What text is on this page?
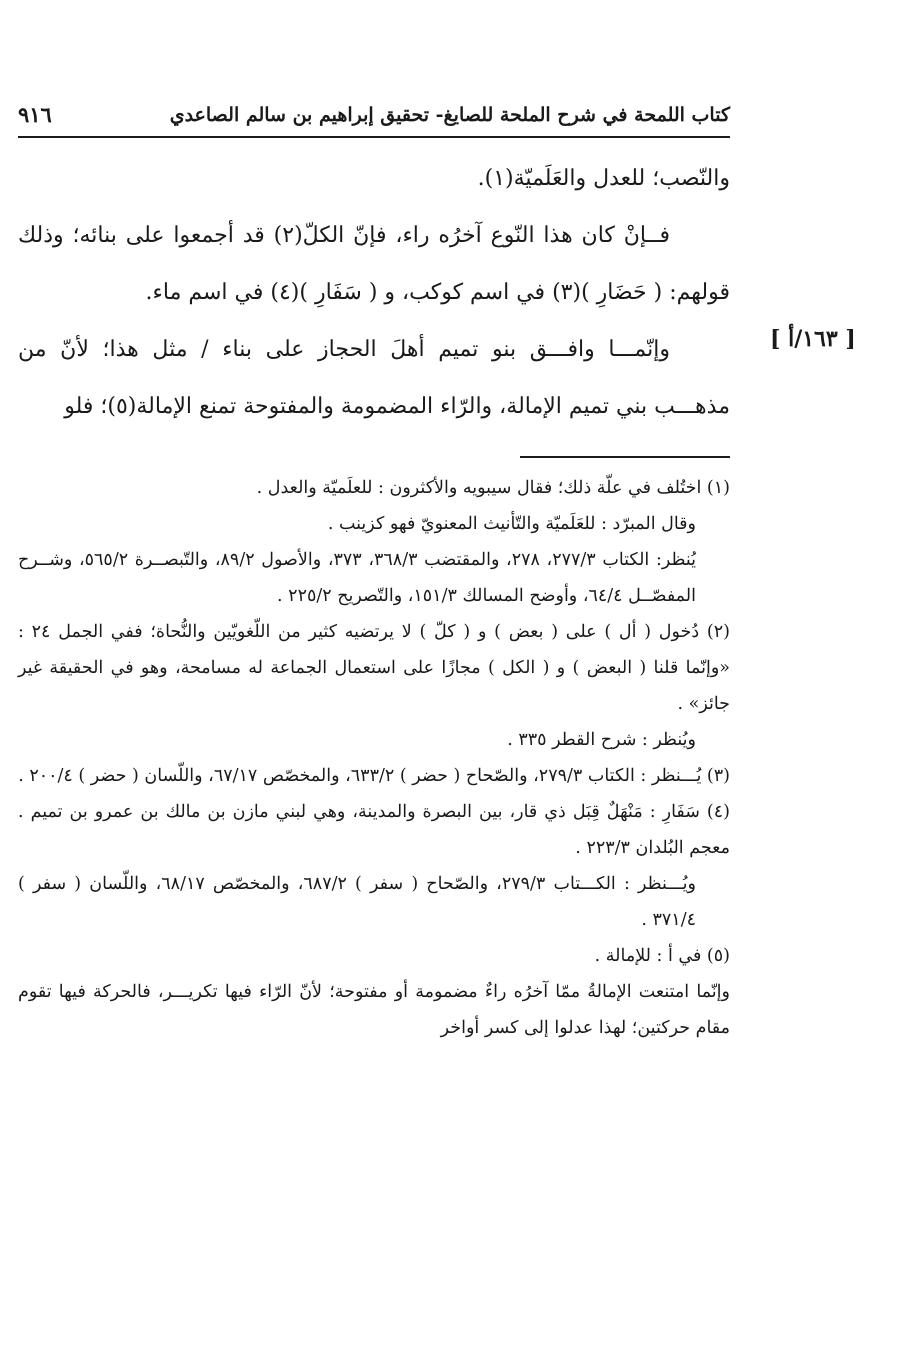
كتاب اللمحة في شرح الملحة للصايغ- تحقيق إبراهيم بن سالم الصاعدي
٩١٦
[ ١٦٣/أ ]

والنّصب؛ للعدل والعَلَميّة(١).

فــإنْ كان هذا النّوع آخرُه راء، فإنّ الكلّ(٢) قد أجمعوا على بنائه؛ وذلك قولهم: ( حَضَارِ )(٣) في اسم كوكب، و ( سَفَارِ )(٤) في اسم ماء.

وإنّمـــا وافـــق بنو تميم أهلَ الحجاز على بناء / مثل هذا؛ لأنّ من مذهـــب بني تميم الإمالة، والرّاء المضمومة والمفتوحة تمنع الإمالة(٥)؛ فلو

(١) اختُلف في علّة ذلك؛ فقال سيبويه والأكثرون : للعلَميّة والعدل .

وقال المبرّد : للعَلَميّة والتّأنيث المعنويّ فهو كزينب .

يُنظر: الكتاب ٢٧٧/٣، ٢٧٨، والمقتضب ٣٦٨/٣، ٣٧٣، والأصول ٨٩/٢، والتّبصــرة ٥٦٥/٢، وشــرح المفصّــل ٦٤/٤، وأوضح المسالك ١٥١/٣، والتّصريح ٢٢٥/٢ .

(٢) دُخول ( أل ) على ( بعض ) و ( كلّ ) لا يرتضيه كثير من اللّغويّين والنُّحاة؛ ففي الجمل ٢٤ : «وإنّما قلنا ( البعض ) و ( الكل ) مجازًا على استعمال الجماعة له مسامحة، وهو في الحقيقة غير جائز» .

ويُنظر : شرح القطر ٣٣٥ .

(٣) يُـــنظر : الكتاب ٢٧٩/٣، والصّحاح ( حضر ) ٦٣٣/٢، والمخصّص ٦٧/١٧، واللّسان ( حضر ) ٢٠٠/٤ .

(٤) سَفَارِ : مَنْهَلٌ قِبَل ذي قار، بين البصرة والمدينة، وهي لبني مازن بن مالك بن عمرو بن تميم . معجم البُلدان ٢٢٣/٣ .

ويُـــنظر : الكـــتاب ٢٧٩/٣، والصّحاح ( سفر ) ٦٨٧/٢، والمخصّص ٦٨/١٧، واللّسان ( سفر ) ٣٧١/٤ .

(٥) في أ : للإمالة .

وإنّما امتنعت الإمالةُ ممّا آخرُه راءٌ مضمومة أو مفتوحة؛ لأنّ الرّاء فيها تكريـــر، فالحركة فيها تقوم مقام حركتين؛ لهذا عدلوا إلى كسر أواخر
